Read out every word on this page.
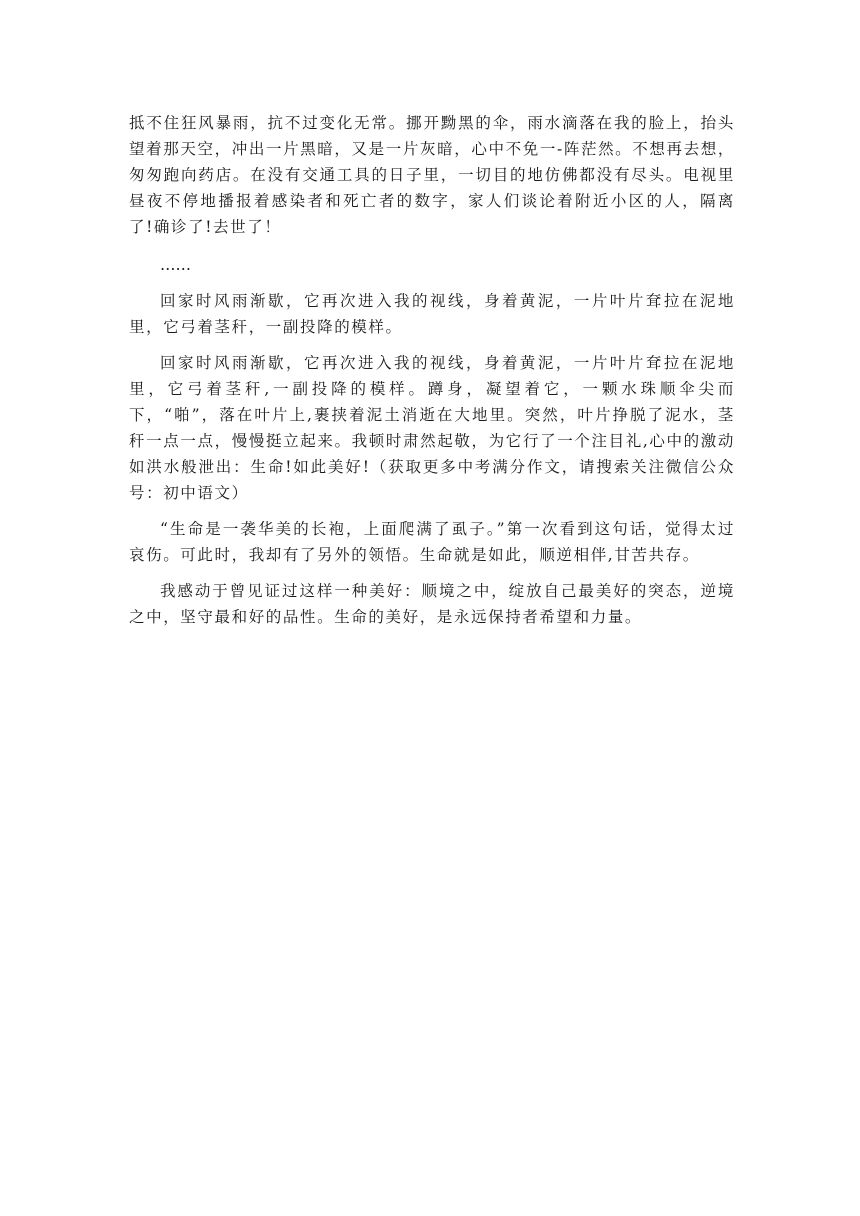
抵不住狂风暴雨，抗不过变化无常。挪开黝黑的伞，雨水滴落在我的脸上，抬头望着那天空，冲出一片黑暗，又是一片灰暗，心中不免一-阵茫然。不想再去想，匆匆跑向药店。在没有交通工具的日子里，一切目的地仿佛都没有尽头。电视里昼夜不停地播报着感染者和死亡者的数字，家人们谈论着附近小区的人，隔离了!确诊了!去世了！

……

回家时风雨渐歇，它再次进入我的视线，身着黄泥，一片叶片耷拉在泥地里，它弓着茎秆，一副投降的模样。

回家时风雨渐歇，它再次进入我的视线，身着黄泥，一片叶片耷拉在泥地里，它弓着茎秆,一副投降的模样。蹲身，凝望着它，一颗水珠顺伞尖而下，“啪”，落在叶片上,裹挟着泥土消逝在大地里。突然，叶片挣脱了泥水，茎秆一点一点，慢慢挺立起来。我顿时肃然起敬，为它行了一个注目礼,心中的激动如洪水般泄出：生命!如此美好!（获取更多中考满分作文，请搜索关注微信公众号：初中语文）

“生命是一袭华美的长袍，上面爬满了虱子。”第一次看到这句话，觉得太过哀伤。可此时，我却有了另外的领悟。生命就是如此，顺逆相伴,甘苦共存。

我感动于曾见证过这样一种美好：顺境之中，绽放自己最美好的突态，逆境之中，坚守最和好的品性。生命的美好，是永远保持者希望和力量。
